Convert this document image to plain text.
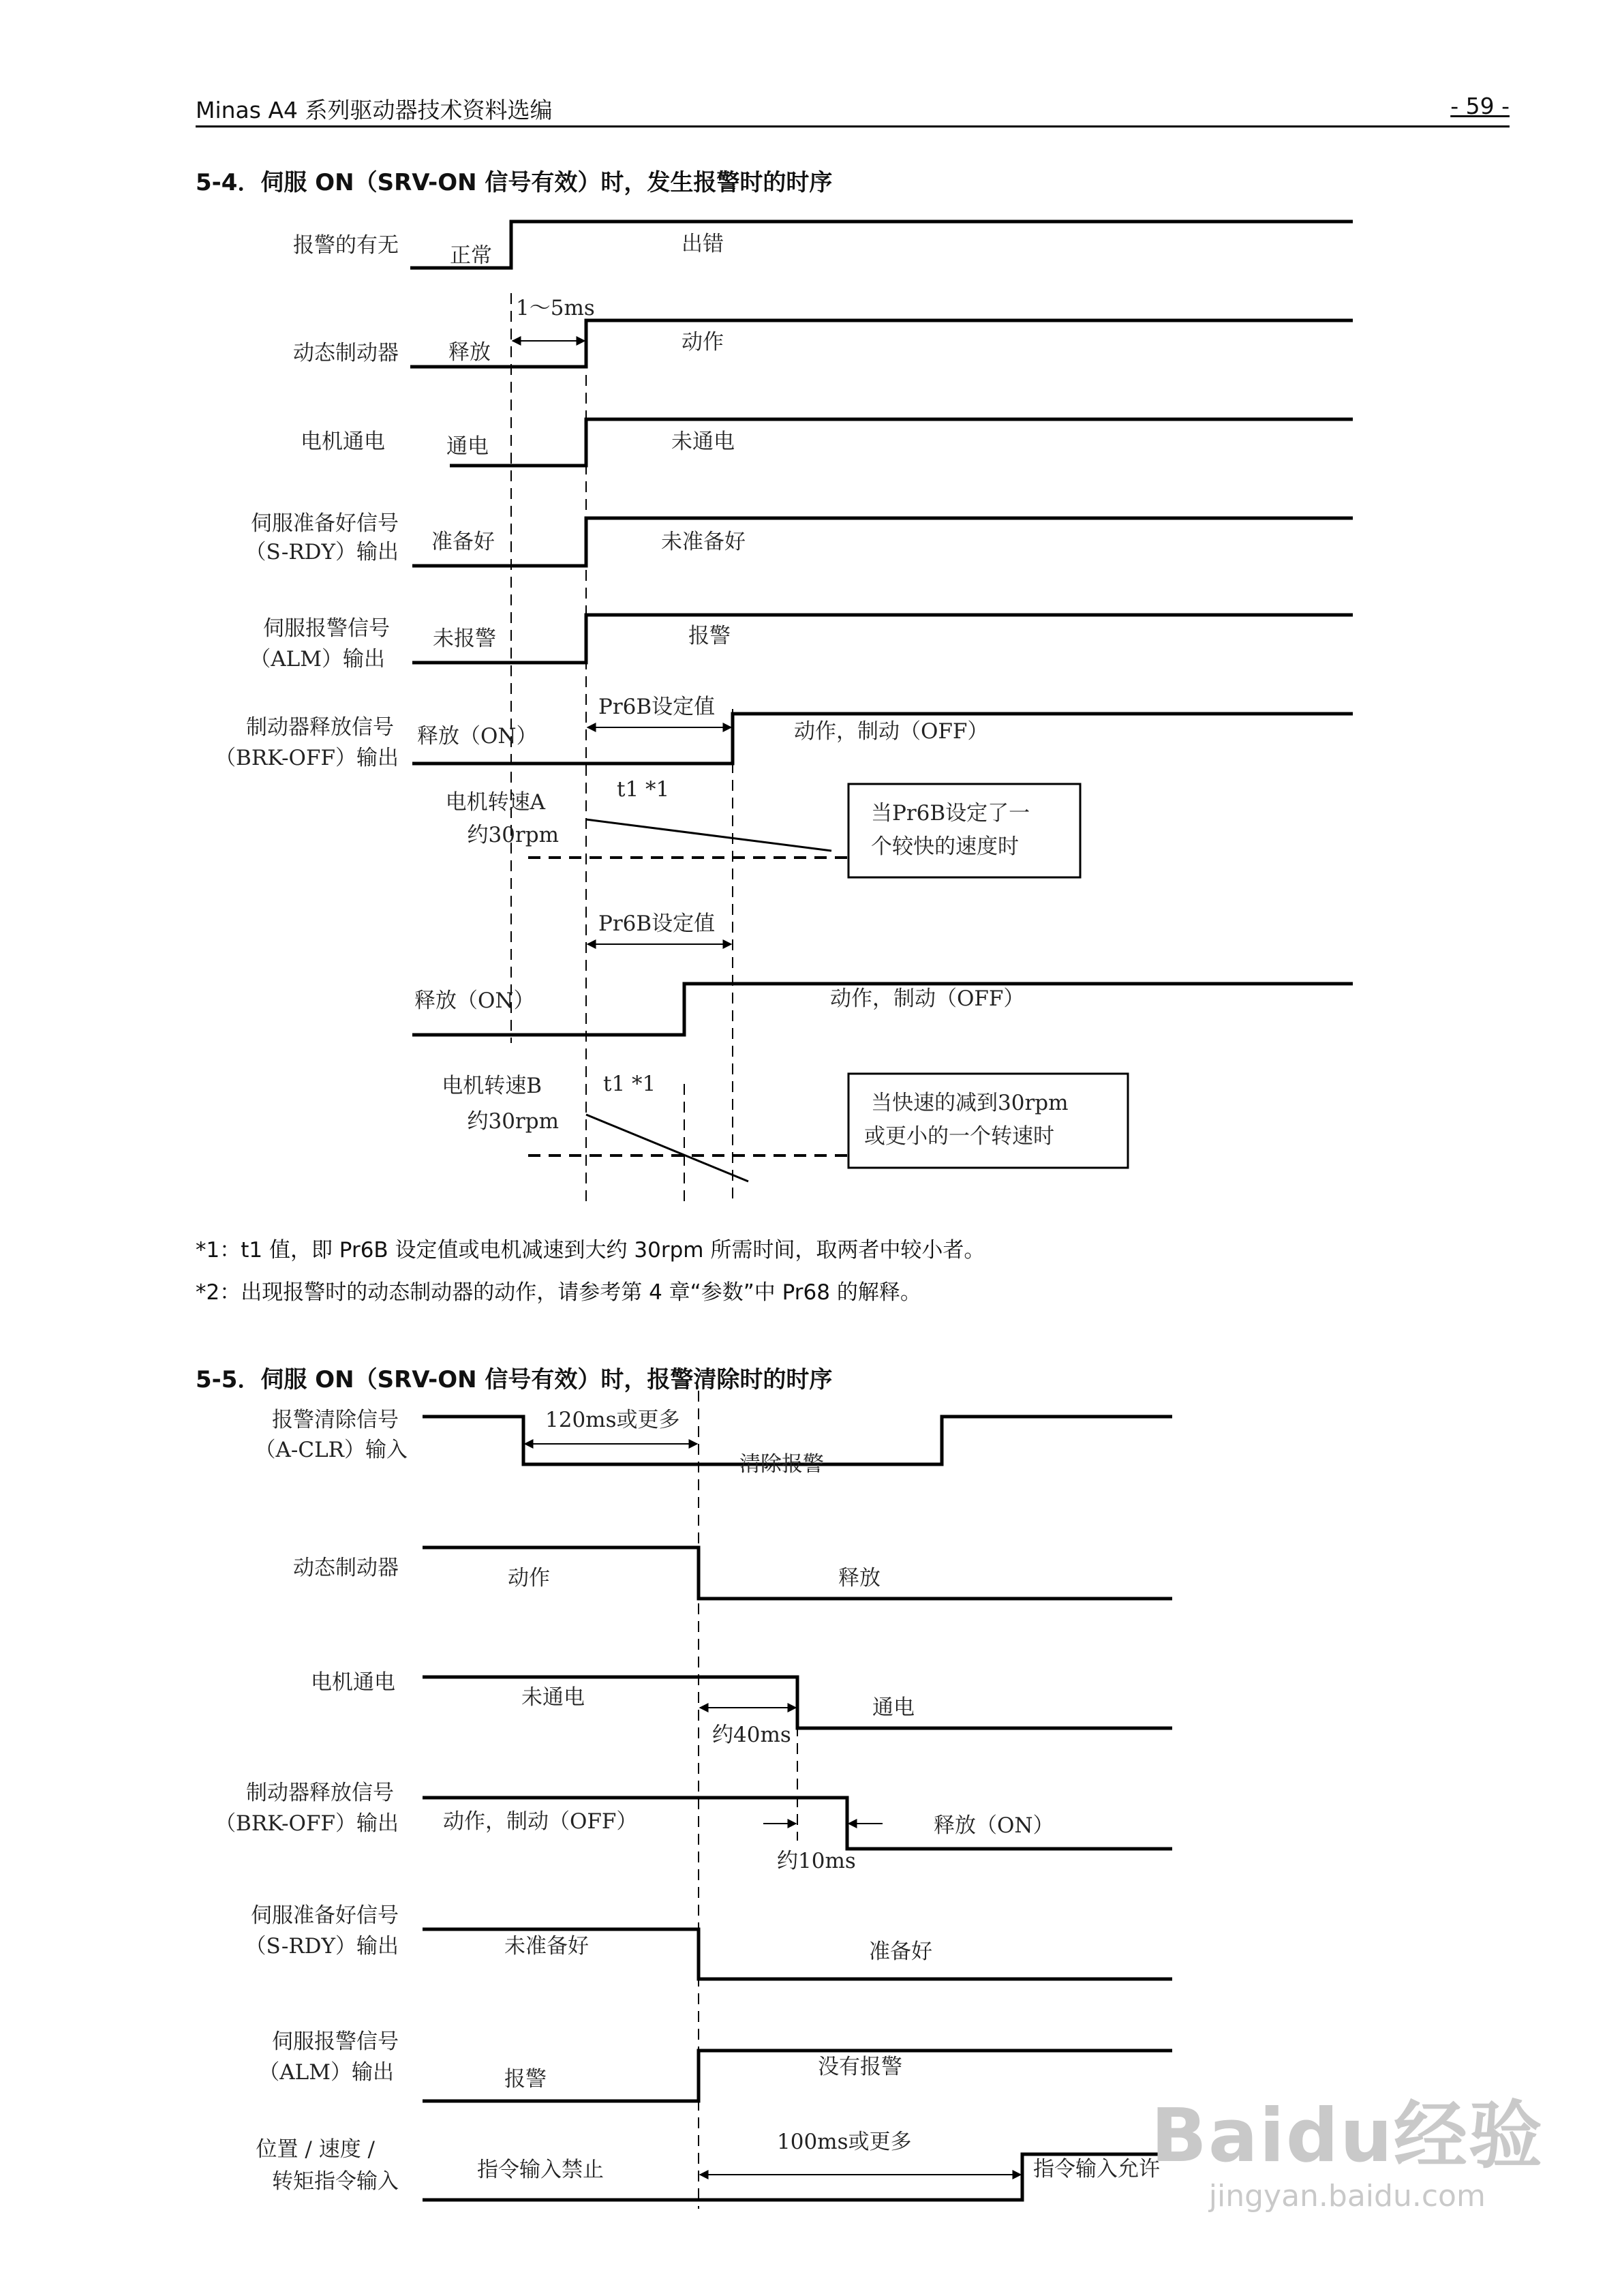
Minas A4 系列驱动器技术资料选编	- 59 -
5-4．伺服 ON（SRV-ON 信号有效）时，发生报警时的时序
报警的有无
动态制动器
电机通电
伺服准备好信号
（S-RDY）输出
伺服报警信号
（ALM）输出
制动器释放信号
（BRK-OFF）输出
正常	出错
1～5ms
释放	动作
通电	未通电
准备好	未准备好
未报警	报警
Pr6B设定值
释放（ON）	动作，制动（OFF）
t1 *1
电机转速A
约30rpm
当Pr6B设定了一
个较快的速度时
Pr6B设定值
释放（ON）	动作，制动（OFF）
t1 *1
电机转速B
约30rpm
当快速的减到30rpm
或更小的一个转速时
报警清除信号
（A-CLR）输入
动态制动器
电机通电
制动器释放信号
（BRK-OFF）输出
伺服准备好信号
（S-RDY）输出
伺服报警信号
（ALM）输出
位置 / 速度 /
转矩指令输入
120ms或更多
清除报警
动作	释放
未通电
约40ms
通电
动作，制动（OFF）
约10ms
释放（ON）
未准备好	准备好
报警	没有报警
100ms或更多
指令输入禁止	指令输入允许
*1：t1 值，即 Pr6B 设定值或电机减速到大约 30rpm 所需时间，取两者中较小者。
*2：出现报警时的动态制动器的动作，请参考第 4 章“参数”中 Pr68 的解释。
5-5．伺服 ON（SRV-ON 信号有效）时，报警清除时的时序
Baidu经验
jingyan.baidu.com
